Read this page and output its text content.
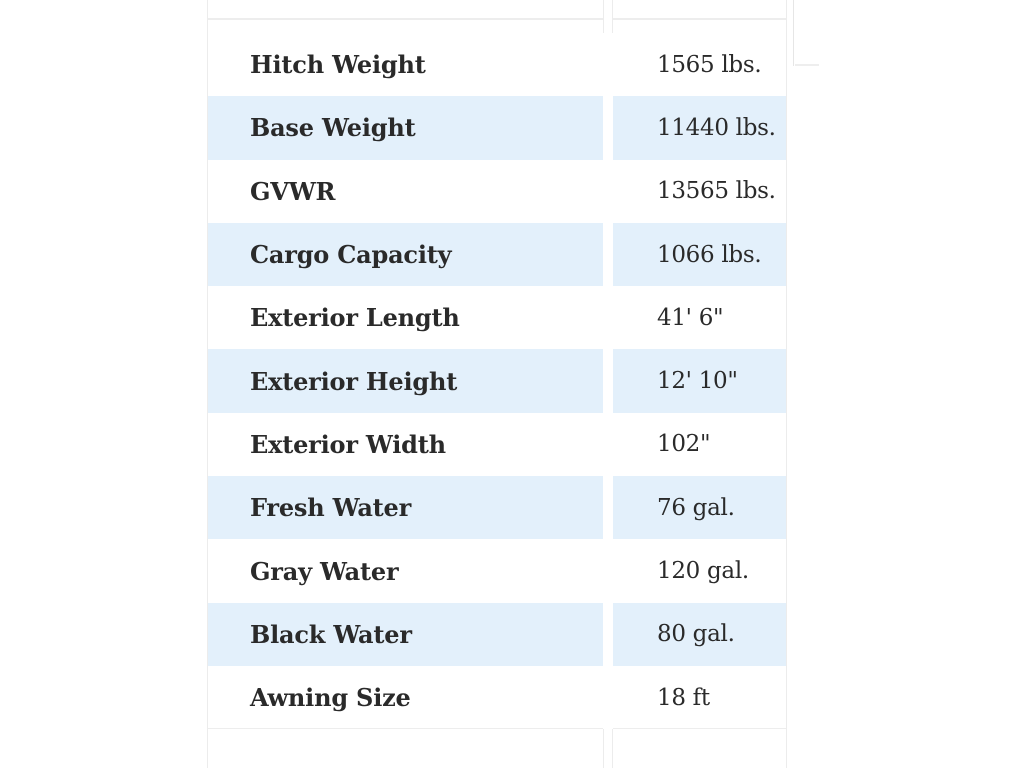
Hitch Weight	1565 lbs.
Base Weight	11440 lbs.
GVWR	13565 lbs.
Cargo Capacity	1066 lbs.
Exterior Length	41' 6"
Exterior Height	12' 10"
Exterior Width	102"
Fresh Water	76 gal.
Gray Water	120 gal.
Black Water	80 gal.
Awning Size	18 ft
